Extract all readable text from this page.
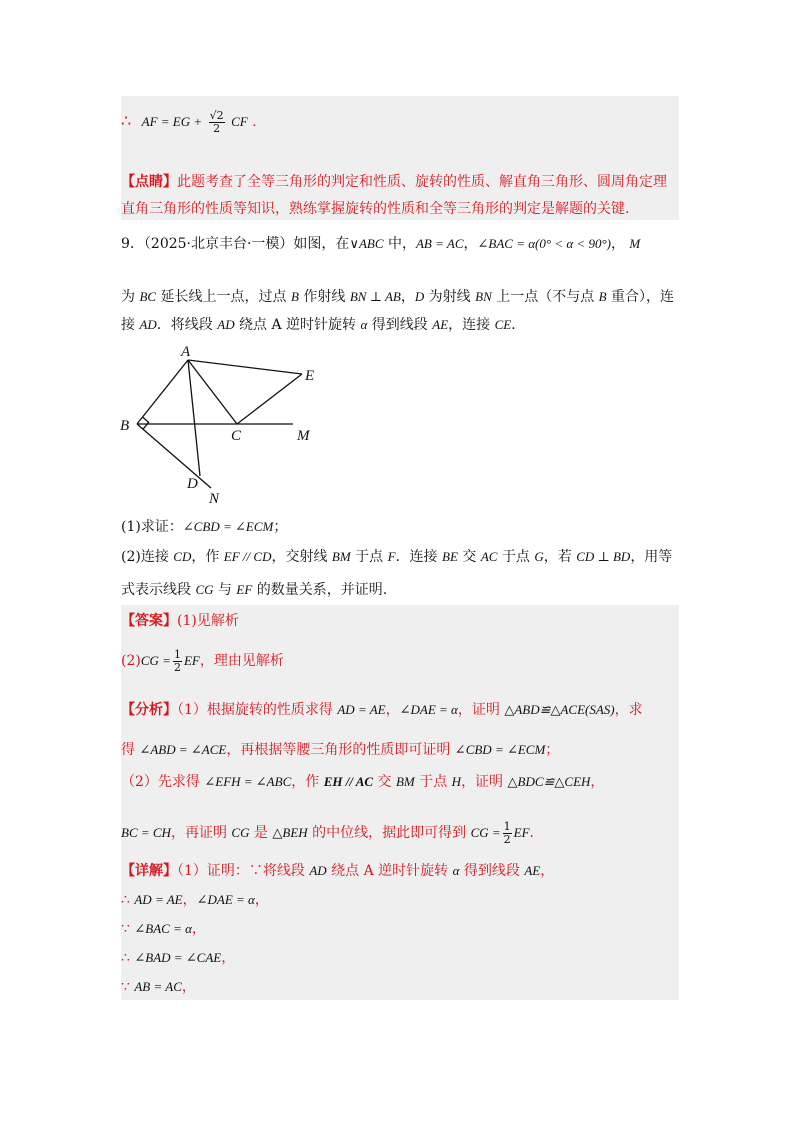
∴ AF = EG + $\frac{√2}{2}$ CF .
【点睛】此题考查了全等三角形的判定和性质、旋转的性质、解直角三角形、圆周角定理
直角三角形的性质等知识，熟练掌握旋转的性质和全等三角形的判定是解题的关键.
9．（2025·北京丰台·一模）如图，在∨ABC 中，AB = AC，∠BAC = α(0° < α < 90°)， M
为 BC 延长线上一点，过点 B 作射线 BN ⊥ AB，D 为射线 BN 上一点（不与点 B 重合），连
接 AD．将线段 AD 绕点 A 逆时针旋转 α 得到线段 AE，连接 CE．
A
B
C
D
E
M
N
(1)求证：∠CBD = ∠ECM；
(2)连接 CD，作 EF // CD，交射线 BM 于点 F．连接 BE 交 AC 于点 G，若 CD ⊥ BD，用等
式表示线段 CG 与 EF 的数量关系，并证明.
【答案】(1)见解析
$(2)CG = \frac{1}{2}$ EF，理由见解析
【分析】（1）根据旋转的性质求得 AD = AE，∠DAE = α，证明 △ABD≌△ACE(SAS)，求
得 ∠ABD = ∠ACE，再根据等腰三角形的性质即可证明 ∠CBD = ∠ECM；
（2）先求得 ∠EFH = ∠ABC，作 EH // AC 交 BM 于点 H，证明 △BDC≌△CEH，
BC = CH，再证明 CG 是 △BEH 的中位线，据此即可得到 CG = $\frac{1}{2}$ EF．
【详解】（1）证明：∵将线段 AD 绕点 A 逆时针旋转 α 得到线段 AE，
∴ AD = AE，∠DAE = α，
∵ ∠BAC = α，
∴ ∠BAD = ∠CAE，
∵ AB = AC，
